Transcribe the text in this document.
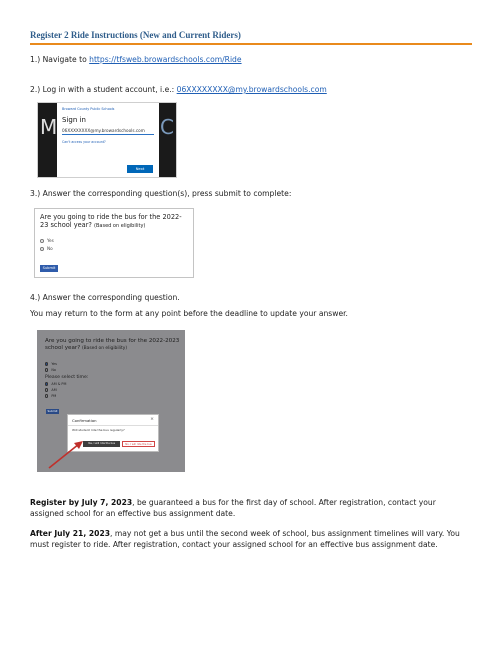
Register 2 Ride Instructions (New and Current Riders)
1.) Navigate to https://tfsweb.browardschools.com/Ride
2.) Log in with a student account, i.e.: 06XXXXXXXX@my.browardschools.com
M	C
Broward County Public Schools
Sign in
06XXXXXXXX@my.browardschools.com
Can't access your account?
Next
3.) Answer the corresponding question(s), press submit to complete:
Are you going to ride the bus for the 2022-23 school year? (Based on eligibility)
Yes
No
Submit
4.) Answer the corresponding question.
You may return to the form at any point before the deadline to update your answer.
Are you going to ride the bus for the 2022-2023 school year? (Based on eligibility)
Yes
No
Please select time:
AM & PM
AM
PM
Submit
Confirmation	×
Will student ride the bus regularly?
Yes, I will ride the bus	No, I will ride the bus
Register by July 7, 2023, be guaranteed a bus for the first day of school. After registration, contact your assigned school for an effective bus assignment date.
After July 21, 2023, may not get a bus until the second week of school, bus assignment timelines will vary. You must register to ride. After registration, contact your assigned school for an effective bus assignment date.
